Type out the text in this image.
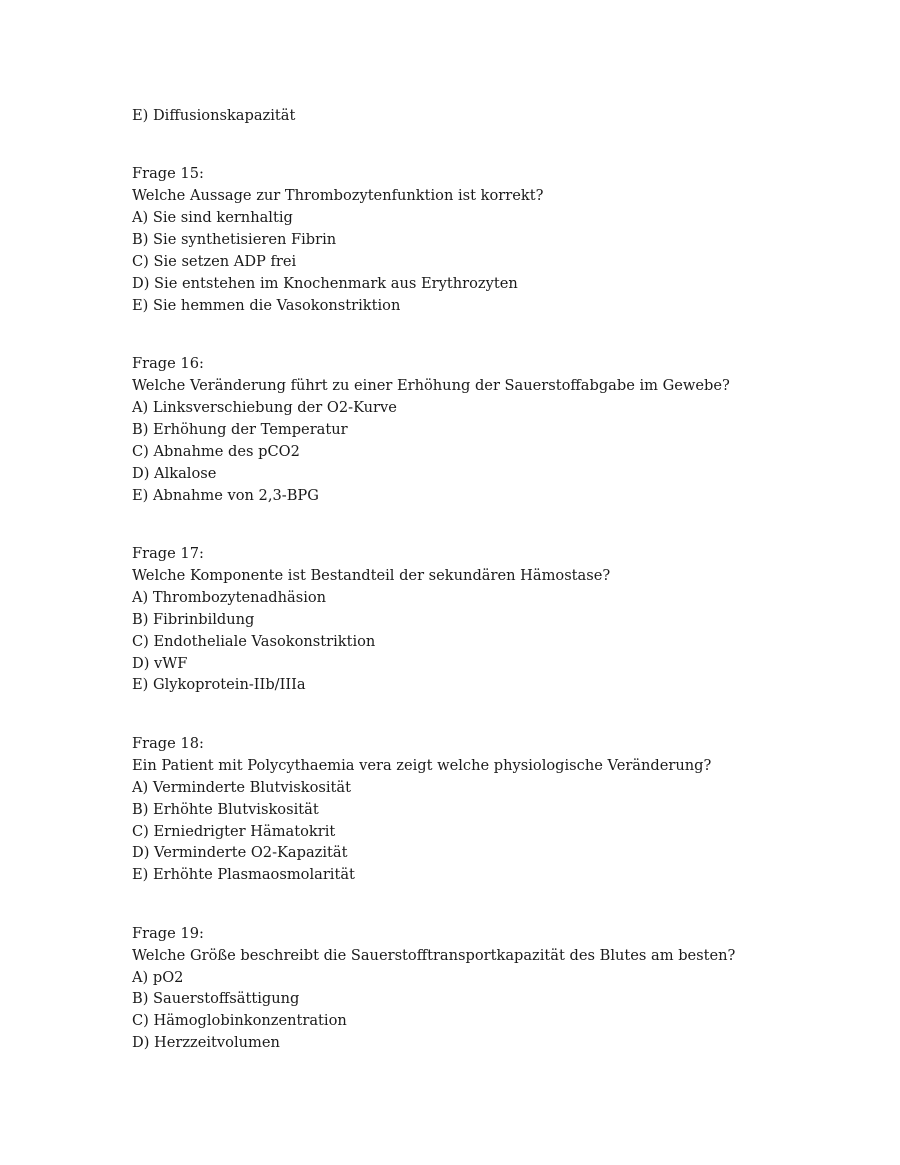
E) Diffusionskapazität
Frage 15:
Welche Aussage zur Thrombozytenfunktion ist korrekt?
A) Sie sind kernhaltig
B) Sie synthetisieren Fibrin
C) Sie setzen ADP frei
D) Sie entstehen im Knochenmark aus Erythrozyten
E) Sie hemmen die Vasokonstriktion
Frage 16:
Welche Veränderung führt zu einer Erhöhung der Sauerstoffabgabe im Gewebe?
A) Linksverschiebung der O2-Kurve
B) Erhöhung der Temperatur
C) Abnahme des pCO2
D) Alkalose
E) Abnahme von 2,3-BPG
Frage 17:
Welche Komponente ist Bestandteil der sekundären Hämostase?
A) Thrombozytenadhäsion
B) Fibrinbildung
C) Endotheliale Vasokonstriktion
D) vWF
E) Glykoprotein-IIb/IIIa
Frage 18:
Ein Patient mit Polycythaemia vera zeigt welche physiologische Veränderung?
A) Verminderte Blutviskosität
B) Erhöhte Blutviskosität
C) Erniedrigter Hämatokrit
D) Verminderte O2-Kapazität
E) Erhöhte Plasmaosmolarität
Frage 19:
Welche Größe beschreibt die Sauerstofftransportkapazität des Blutes am besten?
A) pO2
B) Sauerstoffsättigung
C) Hämoglobinkonzentration
D) Herzzeitvolumen
